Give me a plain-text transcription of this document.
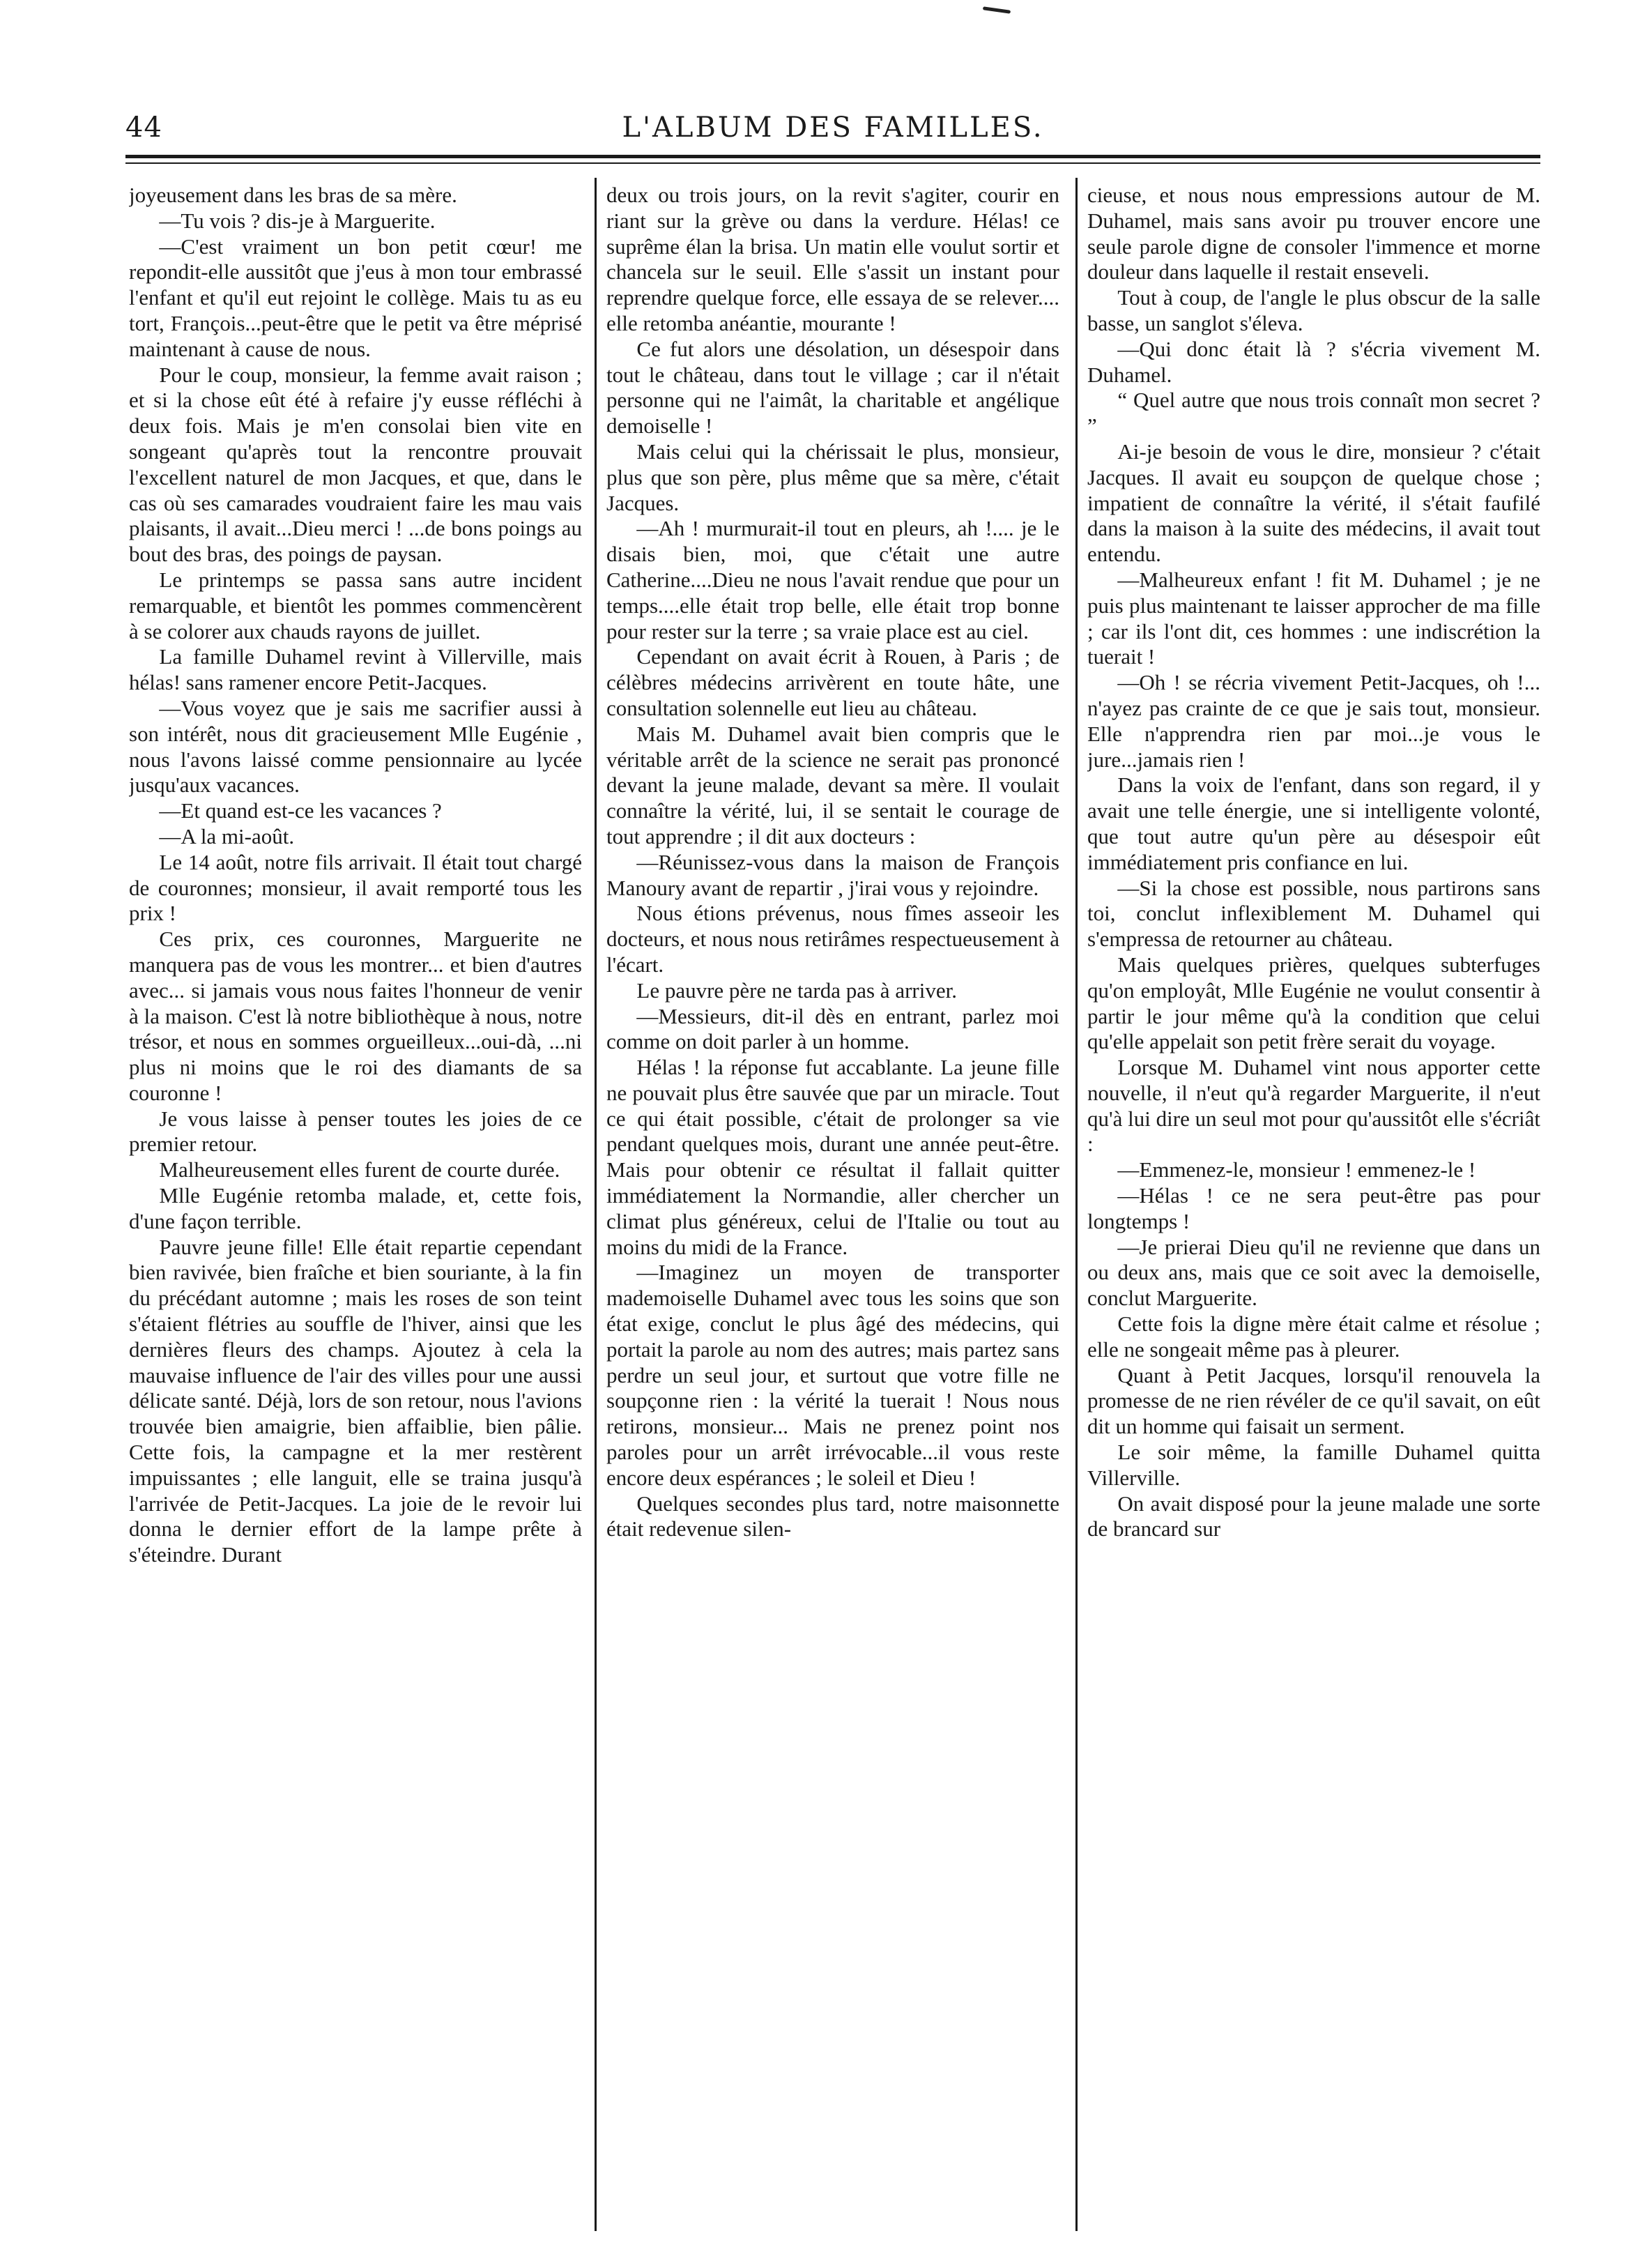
44	L'ALBUM DES FAMILLES.

joyeusement dans les bras de sa mère.

—Tu vois ? dis-je à Marguerite.

—C'est vraiment un bon petit cœur! me repondit-elle aussitôt que j'eus à mon tour embrassé l'enfant et qu'il eut rejoint le collège. Mais tu as eu tort, François...peut-être que le petit va être méprisé maintenant à cause de nous.

Pour le coup, monsieur, la femme avait raison ; et si la chose eût été à refaire j'y eusse réfléchi à deux fois. Mais je m'en consolai bien vite en songeant qu'après tout la rencontre prouvait l'excellent naturel de mon Jacques, et que, dans le cas où ses camarades voudraient faire les mau vais plaisants, il avait...Dieu merci ! ...de bons poings au bout des bras, des poings de paysan.

Le printemps se passa sans autre incident remarquable, et bientôt les pommes commencèrent à se colorer aux chauds rayons de juillet.

La famille Duhamel revint à Villerville, mais hélas! sans ramener encore Petit-Jacques.

—Vous voyez que je sais me sacrifier aussi à son intérêt, nous dit gracieusement Mlle Eugénie , nous l'avons laissé comme pensionnaire au lycée jusqu'aux vacances.

—Et quand est-ce les vacances ?

—A la mi-août.

Le 14 août, notre fils arrivait. Il était tout chargé de couronnes; monsieur, il avait remporté tous les prix !

Ces prix, ces couronnes, Marguerite ne manquera pas de vous les montrer... et bien d'autres avec... si jamais vous nous faites l'honneur de venir à la maison. C'est là notre bibliothèque à nous, notre trésor, et nous en sommes orgueilleux...oui-dà, ...ni plus ni moins que le roi des diamants de sa couronne !

Je vous laisse à penser toutes les joies de ce premier retour.

Malheureusement elles furent de courte durée.

Mlle Eugénie retomba malade, et, cette fois, d'une façon terrible.

Pauvre jeune fille! Elle était repartie cependant bien ravivée, bien fraîche et bien souriante, à la fin du précédant automne ; mais les roses de son teint s'étaient flétries au souffle de l'hiver, ainsi que les dernières fleurs des champs. Ajoutez à cela la mauvaise influence de l'air des villes pour une aussi délicate santé. Déjà, lors de son retour, nous l'avions trouvée bien amaigrie, bien affaiblie, bien pâlie. Cette fois, la campagne et la mer restèrent impuissantes ; elle languit, elle se traina jusqu'à l'arrivée de Petit-Jacques. La joie de le revoir lui donna le dernier effort de la lampe prête à s'éteindre. Durant

deux ou trois jours, on la revit s'agiter, courir en riant sur la grève ou dans la verdure. Hélas! ce suprême élan la brisa. Un matin elle voulut sortir et chancela sur le seuil. Elle s'assit un instant pour reprendre quelque force, elle essaya de se relever.... elle retomba anéantie, mourante !

Ce fut alors une désolation, un désespoir dans tout le château, dans tout le village ; car il n'était personne qui ne l'aimât, la charitable et angélique demoiselle !

Mais celui qui la chérissait le plus, monsieur, plus que son père, plus même que sa mère, c'était Jacques.

—Ah ! murmurait-il tout en pleurs, ah !.... je le disais bien, moi, que c'était une autre Catherine....Dieu ne nous l'avait rendue que pour un temps....elle était trop belle, elle était trop bonne pour rester sur la terre ; sa vraie place est au ciel.

Cependant on avait écrit à Rouen, à Paris ; de célèbres médecins arrivèrent en toute hâte, une consultation solennelle eut lieu au château.

Mais M. Duhamel avait bien compris que le véritable arrêt de la science ne serait pas prononcé devant la jeune malade, devant sa mère. Il voulait connaître la vérité, lui, il se sentait le courage de tout apprendre ; il dit aux docteurs :

—Réunissez-vous dans la maison de François Manoury avant de repartir , j'irai vous y rejoindre.

Nous étions prévenus, nous fîmes asseoir les docteurs, et nous nous retirâmes respectueusement à l'écart.

Le pauvre père ne tarda pas à arriver.

—Messieurs, dit-il dès en entrant, parlez moi comme on doit parler à un homme.

Hélas ! la réponse fut accablante. La jeune fille ne pouvait plus être sauvée que par un miracle. Tout ce qui était possible, c'était de prolonger sa vie pendant quelques mois, durant une année peut-être. Mais pour obtenir ce résultat il fallait quitter immédiatement la Normandie, aller chercher un climat plus généreux, celui de l'Italie ou tout au moins du midi de la France.

—Imaginez un moyen de transporter mademoiselle Duhamel avec tous les soins que son état exige, conclut le plus âgé des médecins, qui portait la parole au nom des autres; mais partez sans perdre un seul jour, et surtout que votre fille ne soupçonne rien : la vérité la tuerait ! Nous nous retirons, monsieur... Mais ne prenez point nos paroles pour un arrêt irrévocable...il vous reste encore deux espérances ; le soleil et Dieu !

Quelques secondes plus tard, notre maisonnette était redevenue silen-

cieuse, et nous nous empressions autour de M. Duhamel, mais sans avoir pu trouver encore une seule parole digne de consoler l'immence et morne douleur dans laquelle il restait enseveli.

Tout à coup, de l'angle le plus obscur de la salle basse, un sanglot s'éleva.

—Qui donc était là ? s'écria vivement M. Duhamel.

“ Quel autre que nous trois connaît mon secret ? ”

Ai-je besoin de vous le dire, monsieur ? c'était Jacques. Il avait eu soupçon de quelque chose ; impatient de connaître la vérité, il s'était faufilé dans la maison à la suite des médecins, il avait tout entendu.

—Malheureux enfant ! fit M. Duhamel ; je ne puis plus maintenant te laisser approcher de ma fille ; car ils l'ont dit, ces hommes : une indiscrétion la tuerait !

—Oh ! se récria vivement Petit-Jacques, oh !... n'ayez pas crainte de ce que je sais tout, monsieur. Elle n'apprendra rien par moi...je vous le jure...jamais rien !

Dans la voix de l'enfant, dans son regard, il y avait une telle énergie, une si intelligente volonté, que tout autre qu'un père au désespoir eût immédiatement pris confiance en lui.

—Si la chose est possible, nous partirons sans toi, conclut inflexiblement M. Duhamel qui s'empressa de retourner au château.

Mais quelques prières, quelques subterfuges qu'on employât, Mlle Eugénie ne voulut consentir à partir le jour même qu'à la condition que celui qu'elle appelait son petit frère serait du voyage.

Lorsque M. Duhamel vint nous apporter cette nouvelle, il n'eut qu'à regarder Marguerite, il n'eut qu'à lui dire un seul mot pour qu'aussitôt elle s'écriât :

—Emmenez-le, monsieur ! emmenez-le !

—Hélas ! ce ne sera peut-être pas pour longtemps !

—Je prierai Dieu qu'il ne revienne que dans un ou deux ans, mais que ce soit avec la demoiselle, conclut Marguerite.

Cette fois la digne mère était calme et résolue ; elle ne songeait même pas à pleurer.

Quant à Petit Jacques, lorsqu'il renouvela la promesse de ne rien révéler de ce qu'il savait, on eût dit un homme qui faisait un serment.

Le soir même, la famille Duhamel quitta Villerville.

On avait disposé pour la jeune malade une sorte de brancard sur
